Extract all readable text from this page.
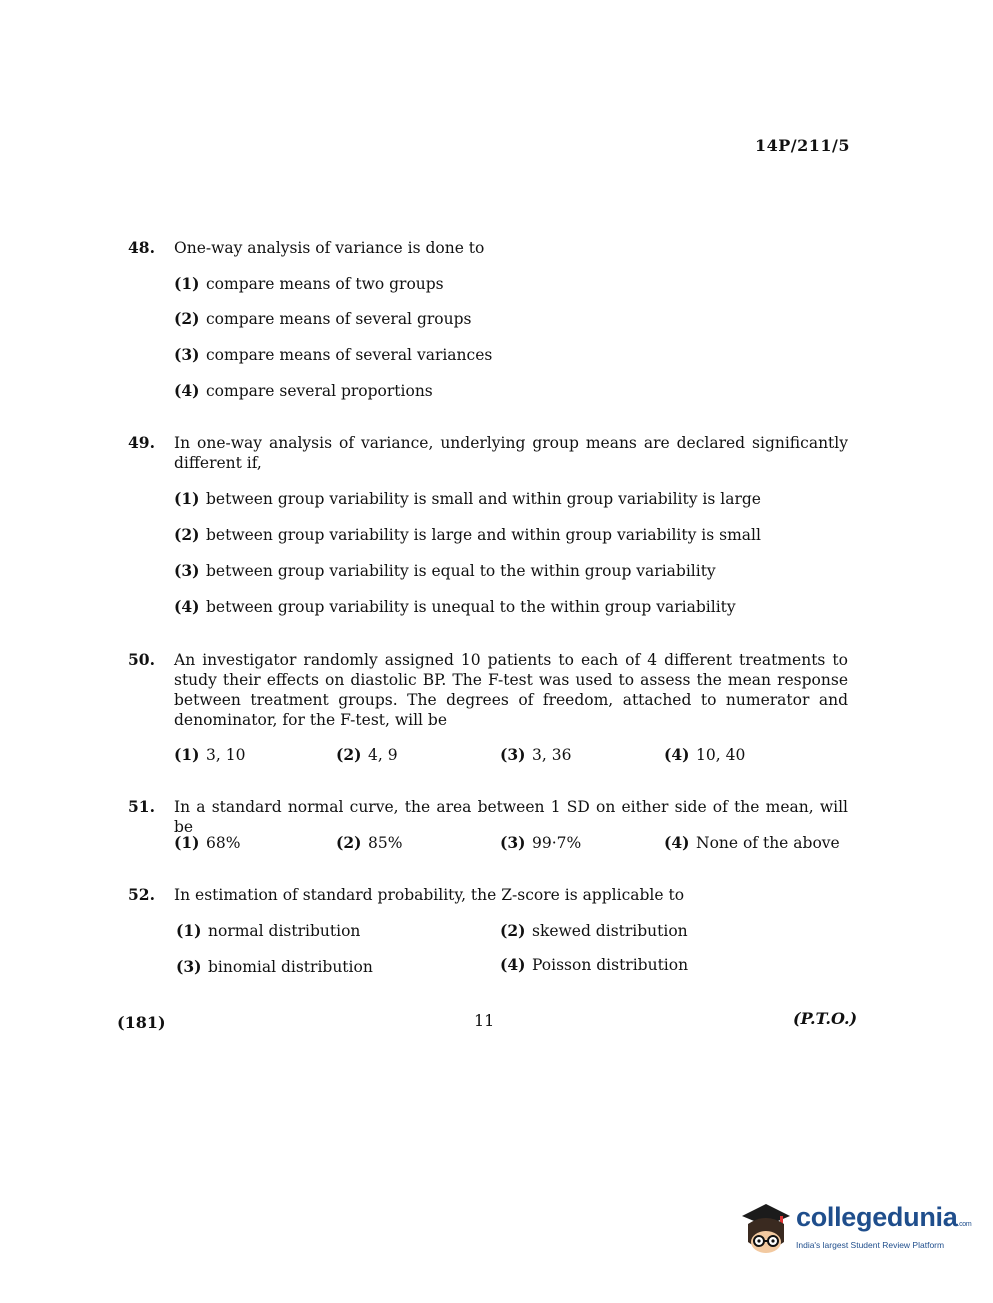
14P/211/5
48.	One-way analysis of variance is done to
(1) compare means of two groups
(2) compare means of several groups
(3) compare means of several variances
(4) compare several proportions
49.	In one-way analysis of variance, underlying group means are declared significantly different if,
(1) between group variability is small and within group variability is large
(2) between group variability is large and within group variability is small
(3) between group variability is equal to the within group variability
(4) between group variability is unequal to the within group variability
50.	An investigator randomly assigned 10 patients to each of 4 different treatments to study their effects on diastolic BP. The F-test was used to assess the mean response between treatment groups. The degrees of freedom, attached to numerator and denominator, for the F-test, will be
(1) 3, 10	(2) 4, 9	(3) 3, 36	(4) 10, 40
51.	In a standard normal curve, the area between 1 SD on either side of the mean, will be
(1) 68%	(2) 85%	(3) 99·7%	(4) None of the above
52.	In estimation of standard probability, the Z-score is applicable to
(1) normal distribution	(2) skewed distribution
(3) binomial distribution	(4) Poisson distribution
(181)	11	(P.T.O.)
collegedunia.com
India's largest Student Review Platform
